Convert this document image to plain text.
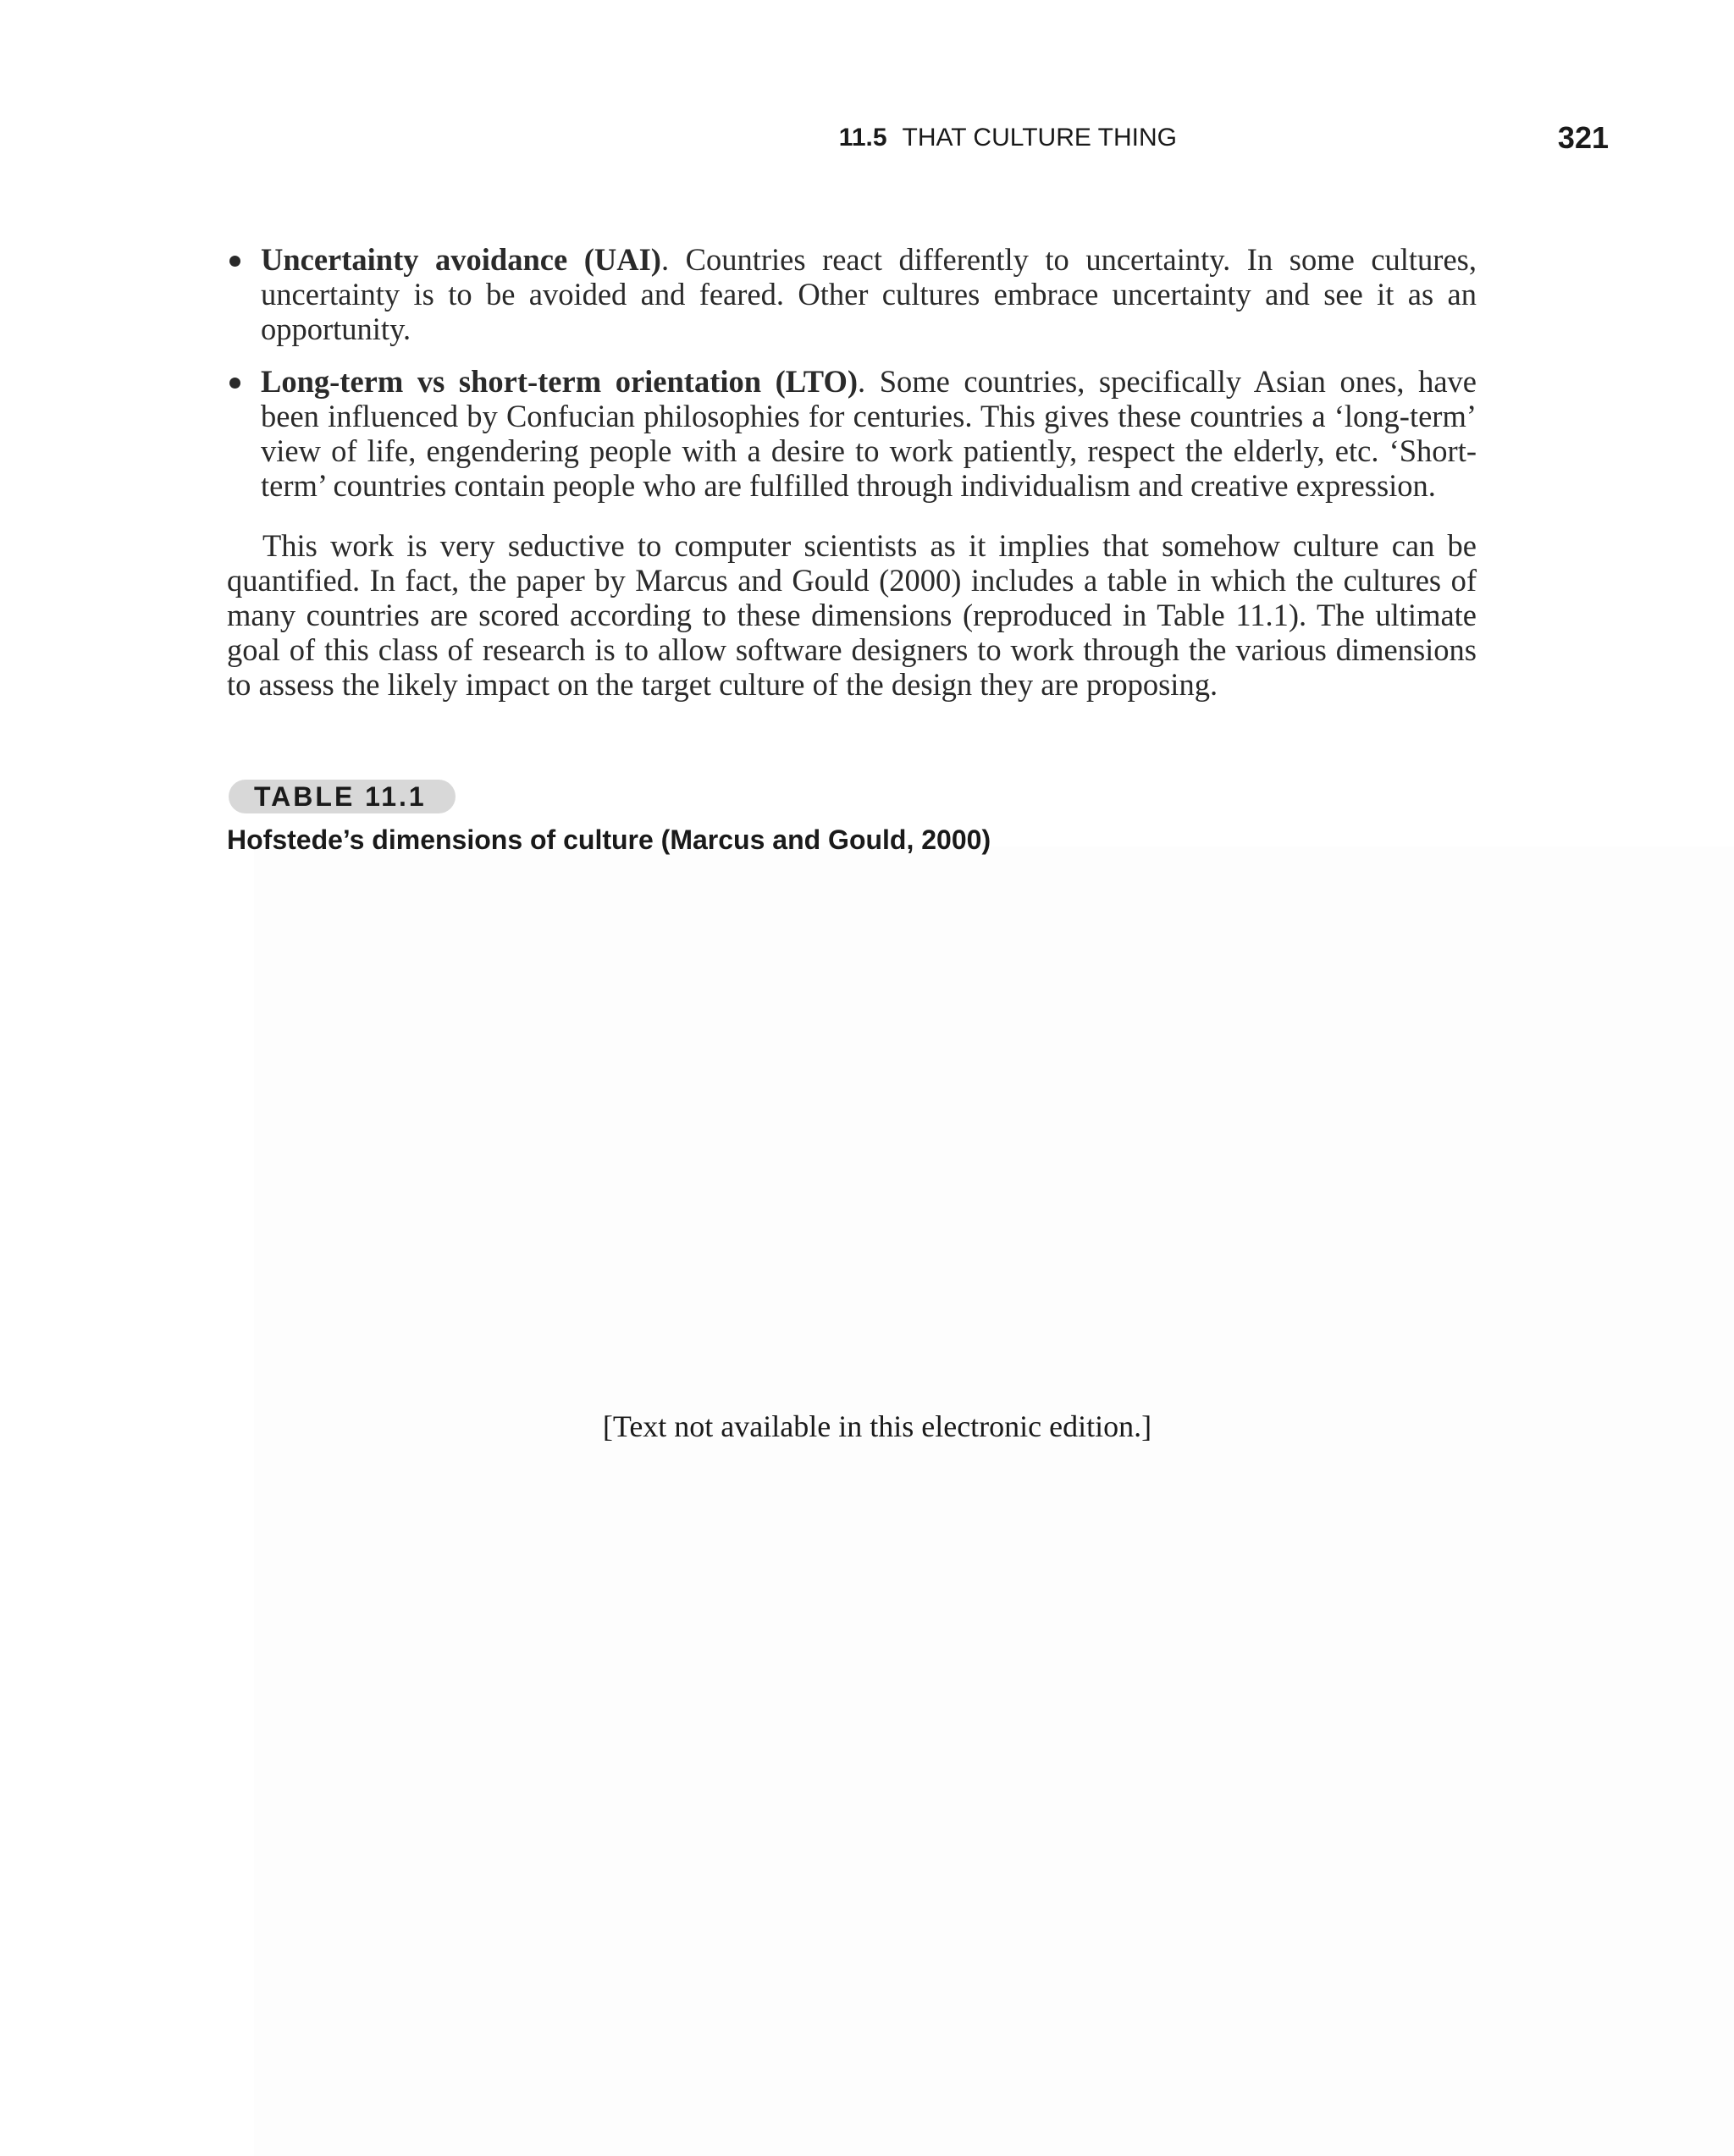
11.5 THAT CULTURE THING	321
Uncertainty avoidance (UAI). Countries react differently to uncertainty. In some cultures, uncertainty is to be avoided and feared. Other cultures embrace uncertainty and see it as an opportunity.
Long-term vs short-term orientation (LTO). Some countries, specifically Asian ones, have been influenced by Confucian philosophies for centuries. This gives these countries a ‘long-term’ view of life, engendering people with a desire to work patiently, respect the elderly, etc. ‘Short-term’ countries contain people who are fulfilled through individualism and creative expression.

This work is very seductive to computer scientists as it implies that somehow culture can be quantified. In fact, the paper by Marcus and Gould (2000) includes a table in which the cultures of many countries are scored according to these dimensions (reproduced in Table 11.1). The ultimate goal of this class of research is to allow software designers to work through the various dimensions to assess the likely impact on the target culture of the design they are proposing.

TABLE 11.1
Hofstede’s dimensions of culture (Marcus and Gould, 2000)
[Text not available in this electronic edition.]
